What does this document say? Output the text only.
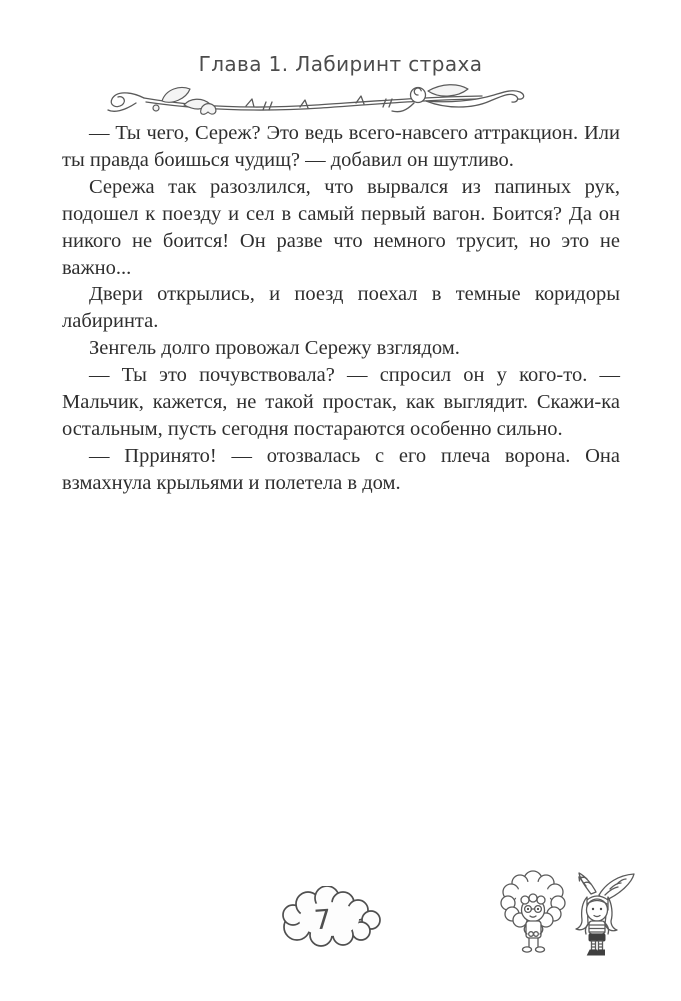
Глава 1. Лабиринт страха

— Ты чего, Сереж? Это ведь всего-навсего аттракцион. Или ты правда боишься чудищ? — добавил он шутливо.

Сережа так разозлился, что вырвался из папиных рук, подошел к поезду и сел в самый первый вагон. Боится? Да он никого не боится! Он разве что немного трусит, но это не важно...

Двери открылись, и поезд поехал в темные коридоры лабиринта.

Зенгель долго провожал Сережу взглядом.

— Ты это почувствовала? — спросил он у кого-то. — Мальчик, кажется, не такой простак, как выглядит. Скажи-ка остальным, пусть сегодня постараются особенно сильно.

— Прринято! — отозвалась с его плеча ворона. Она взмахнула крыльями и полетела в дом.

7
